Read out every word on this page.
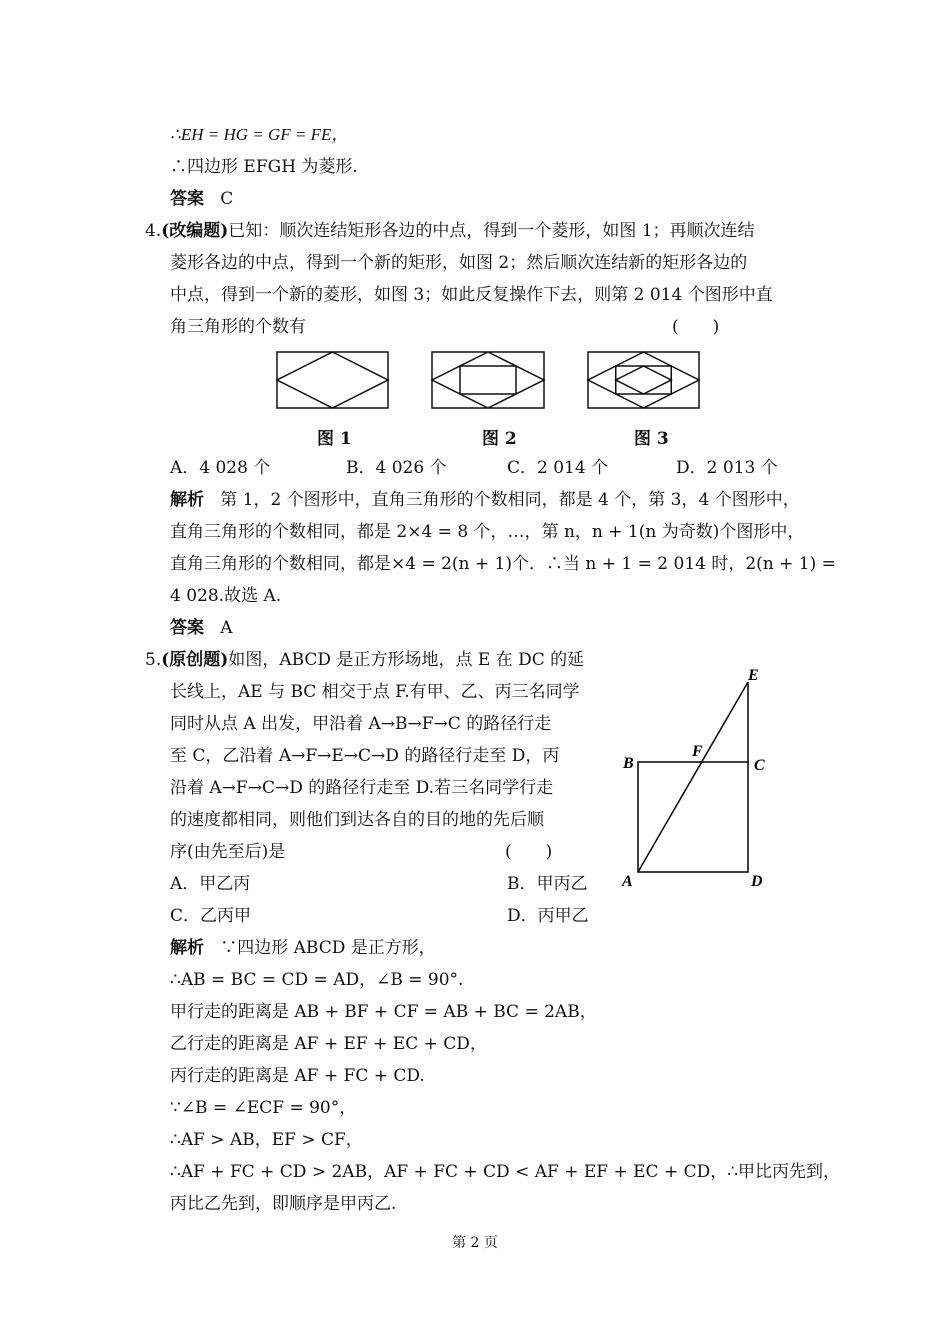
∴EH = HG = GF = FE，
∴四边形 EFGH 为菱形.
答案 C
4.(改编题)已知：顺次连结矩形各边的中点，得到一个菱形，如图 1；再顺次连结
菱形各边的中点，得到一个新的矩形，如图 2；然后顺次连结新的矩形各边的
中点，得到一个新的菱形，如图 3；如此反复操作下去，则第 2 014 个图形中直
角三角形的个数有	(　　)
图 1	图 2	图 3
A．4 028 个	B．4 026 个	C．2 014 个	D．2 013 个
解析 第 1，2 个图形中，直角三角形的个数相同，都是 4 个，第 3，4 个图形中，
直角三角形的个数相同，都是 2×4 = 8 个，…，第 n，n + 1(n 为奇数)个图形中，
直角三角形的个数相同，都是×4 = 2(n + 1)个．∴当 n + 1 = 2 014 时，2(n + 1) =
4 028.故选 A.
答案 A
5.(原创题)如图，ABCD 是正方形场地，点 E 在 DC 的延
长线上，AE 与 BC 相交于点 F.有甲、乙、丙三名同学
同时从点 A 出发，甲沿着 A→B→F→C 的路径行走
至 C，乙沿着 A→F→E→C→D 的路径行走至 D，丙
沿着 A→F→C→D 的路径行走至 D.若三名同学行走
的速度都相同，则他们到达各自的目的地的先后顺
序(由先至后)是	(　　)
A．甲乙丙	B．甲丙乙
C．乙丙甲	D．丙甲乙
E
F
B	C
A	D
解析 ∵四边形 ABCD 是正方形，
∴AB = BC = CD = AD，∠B = 90°.
甲行走的距离是 AB + BF + CF = AB + BC = 2AB，
乙行走的距离是 AF + EF + EC + CD，
丙行走的距离是 AF + FC + CD.
∵∠B = ∠ECF = 90°，
∴AF > AB，EF > CF，
∴AF + FC + CD > 2AB，AF + FC + CD < AF + EF + EC + CD，∴甲比丙先到，
丙比乙先到，即顺序是甲丙乙.
第 2 页
